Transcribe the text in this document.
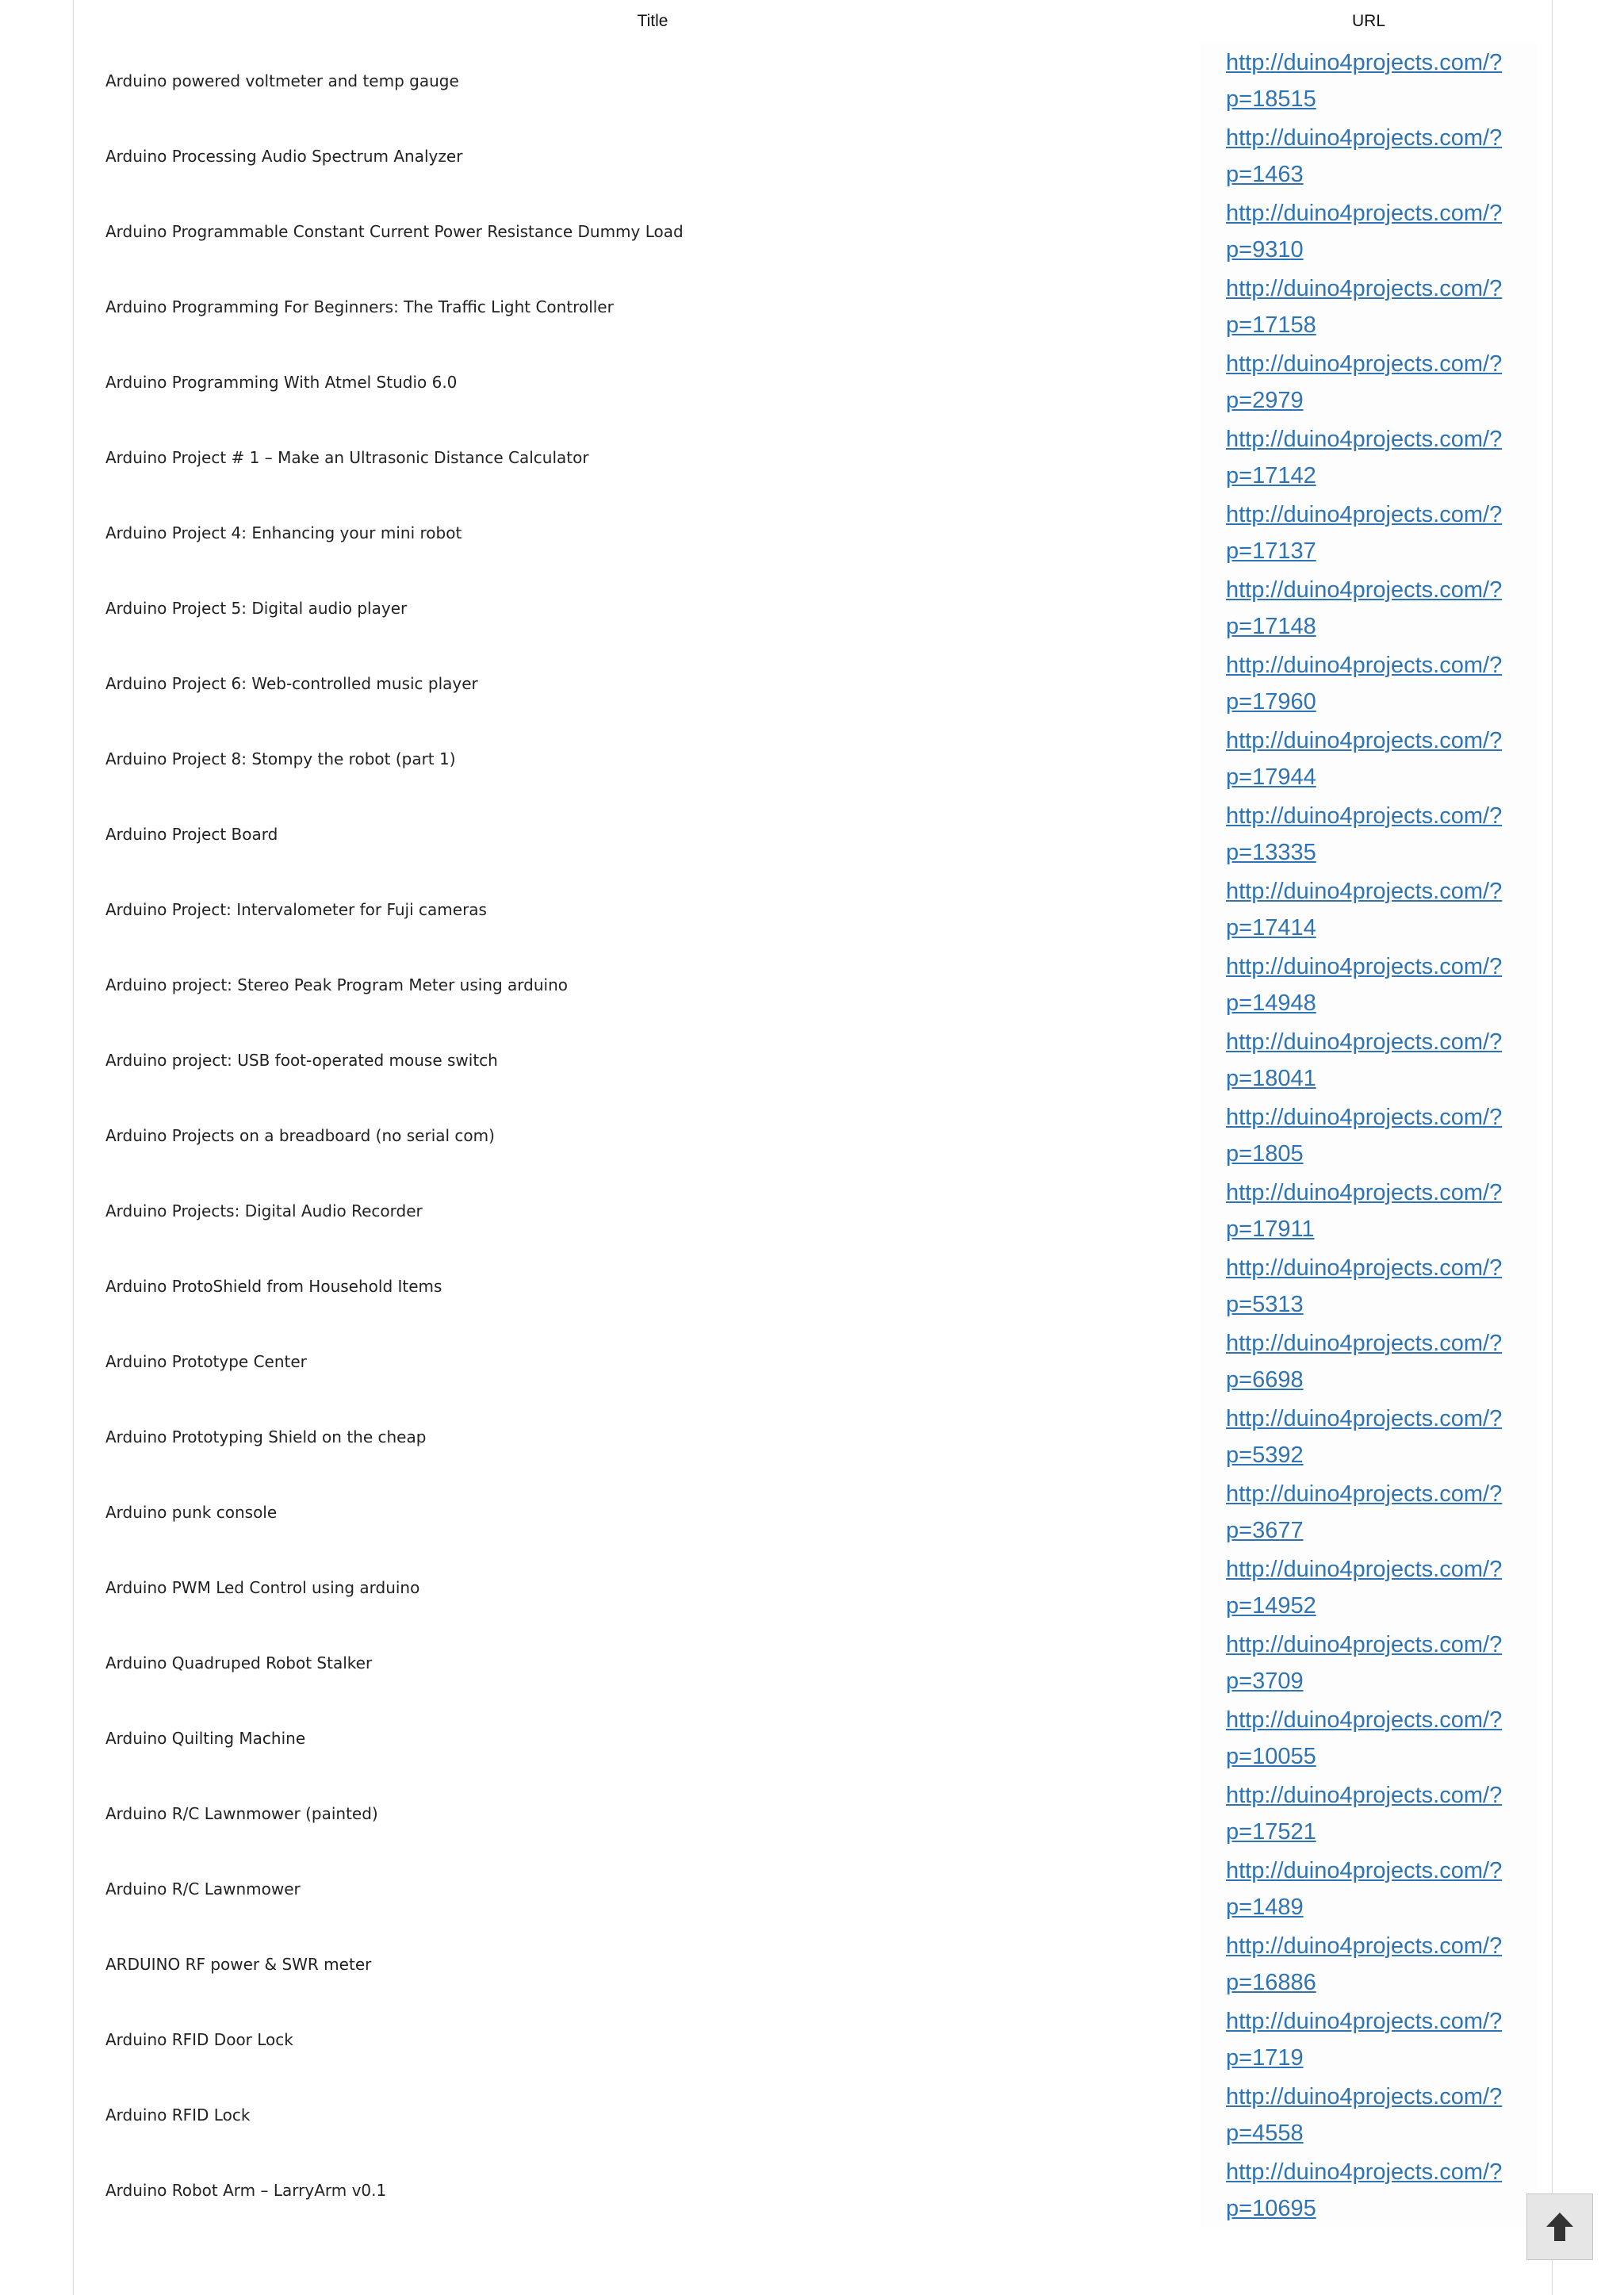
Title	URL
Arduino powered voltmeter and temp gauge	http://duino4projects.com/?p=18515

Arduino Processing Audio Spectrum Analyzer	http://duino4projects.com/?p=1463

Arduino Programmable Constant Current Power Resistance Dummy Load	http://duino4projects.com/?p=9310

Arduino Programming For Beginners: The Traffic Light Controller	http://duino4projects.com/?p=17158

Arduino Programming With Atmel Studio 6.0	http://duino4projects.com/?p=2979

Arduino Project # 1 – Make an Ultrasonic Distance Calculator	http://duino4projects.com/?p=17142

Arduino Project 4: Enhancing your mini robot	http://duino4projects.com/?p=17137

Arduino Project 5: Digital audio player	http://duino4projects.com/?p=17148

Arduino Project 6: Web-controlled music player	http://duino4projects.com/?p=17960

Arduino Project 8: Stompy the robot (part 1)	http://duino4projects.com/?p=17944

Arduino Project Board	http://duino4projects.com/?p=13335

Arduino Project: Intervalometer for Fuji cameras	http://duino4projects.com/?p=17414

Arduino project: Stereo Peak Program Meter using arduino	http://duino4projects.com/?p=14948

Arduino project: USB foot-operated mouse switch	http://duino4projects.com/?p=18041

Arduino Projects on a breadboard (no serial com)	http://duino4projects.com/?p=1805

Arduino Projects: Digital Audio Recorder	http://duino4projects.com/?p=17911

Arduino ProtoShield from Household Items	http://duino4projects.com/?p=5313

Arduino Prototype Center	http://duino4projects.com/?p=6698

Arduino Prototyping Shield on the cheap	http://duino4projects.com/?p=5392

Arduino punk console	http://duino4projects.com/?p=3677

Arduino PWM Led Control using arduino	http://duino4projects.com/?p=14952

Arduino Quadruped Robot Stalker	http://duino4projects.com/?p=3709

Arduino Quilting Machine	http://duino4projects.com/?p=10055

Arduino R/C Lawnmower (painted)	http://duino4projects.com/?p=17521

Arduino R/C Lawnmower	http://duino4projects.com/?p=1489

ARDUINO RF power & SWR meter	http://duino4projects.com/?p=16886

Arduino RFID Door Lock	http://duino4projects.com/?p=1719

Arduino RFID Lock	http://duino4projects.com/?p=4558

Arduino Robot Arm – LarryArm v0.1	http://duino4projects.com/?p=10695
